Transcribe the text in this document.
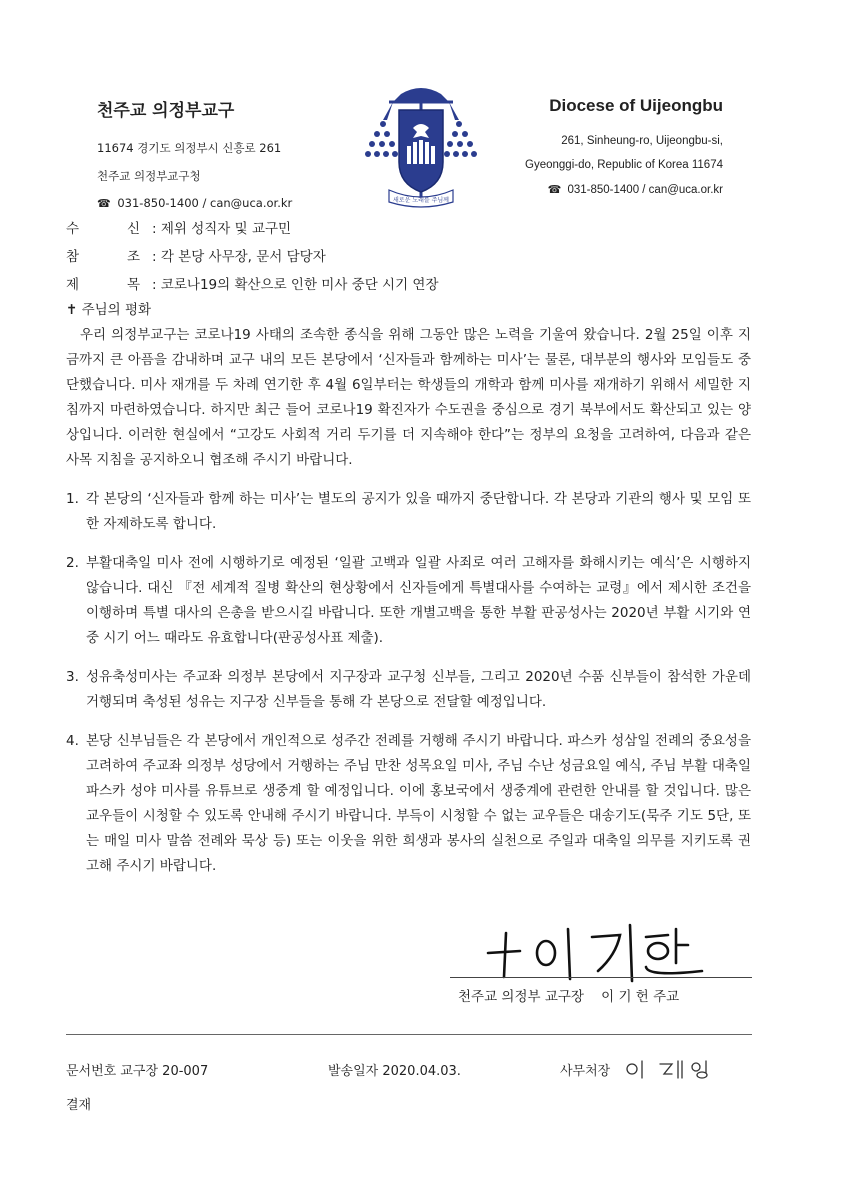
천주교 의정부교구
11674 경기도 의정부시 신흥로 261
천주교 의정부교구청
☎ 031-850-1400 / can@uca.or.kr	새로운 노래를 주님께
Diocese of Uijeongbu
261, Sinheung-ro, Uijeongbu-si,
Gyeonggi-do, Republic of Korea 11674
☎ 031-850-1400 / can@uca.or.kr
수	신 : 제위 성직자 및 교구민
참	조 : 각 본당 사무장, 문서 담당자
제	목 : 코로나19의 확산으로 인한 미사 중단 시기 연장
✝ 주님의 평화
우리 의정부교구는 코로나19 사태의 조속한 종식을 위해 그동안 많은 노력을 기울여 왔습니다. 2월 25일 이후 지금까지 큰 아픔을 감내하며 교구 내의 모든 본당에서 ‘신자들과 함께하는 미사’는 물론, 대부분의 행사와 모임들도 중단했습니다. 미사 재개를 두 차례 연기한 후 4월 6일부터는 학생들의 개학과 함께 미사를 재개하기 위해서 세밀한 지침까지 마련하였습니다. 하지만 최근 들어 코로나19 확진자가 수도권을 중심으로 경기 북부에서도 확산되고 있는 양상입니다. 이러한 현실에서 “고강도 사회적 거리 두기를 더 지속해야 한다”는 정부의 요청을 고려하여, 다음과 같은 사목 지침을 공지하오니 협조해 주시기 바랍니다.
1. 각 본당의 ‘신자들과 함께 하는 미사’는 별도의 공지가 있을 때까지 중단합니다. 각 본당과 기관의 행사 및 모임 또한 자제하도록 합니다.
2. 부활대축일 미사 전에 시행하기로 예정된 ‘일괄 고백과 일괄 사죄로 여러 고해자를 화해시키는 예식’은 시행하지 않습니다. 대신 『전 세계적 질병 확산의 현상황에서 신자들에게 특별대사를 수여하는 교령』에서 제시한 조건을 이행하며 특별 대사의 은총을 받으시길 바랍니다. 또한 개별고백을 통한 부활 판공성사는 2020년 부활 시기와 연중 시기 어느 때라도 유효합니다(판공성사표 제출).
3. 성유축성미사는 주교좌 의정부 본당에서 지구장과 교구청 신부들, 그리고 2020년 수품 신부들이 참석한 가운데 거행되며 축성된 성유는 지구장 신부들을 통해 각 본당으로 전달할 예정입니다.
4. 본당 신부님들은 각 본당에서 개인적으로 성주간 전례를 거행해 주시기 바랍니다. 파스카 성삼일 전례의 중요성을 고려하여 주교좌 의정부 성당에서 거행하는 주님 만찬 성목요일 미사, 주님 수난 성금요일 예식, 주님 부활 대축일 파스카 성야 미사를 유튜브로 생중계 할 예정입니다. 이에 홍보국에서 생중계에 관련한 안내를 할 것입니다. 많은 교우들이 시청할 수 있도록 안내해 주시기 바랍니다. 부득이 시청할 수 없는 교우들은 대송기도(묵주 기도 5단, 또는 매일 미사 말씀 전례와 묵상 등) 또는 이웃을 위한 희생과 봉사의 실천으로 주일과 대축일 의무를 지키도록 권고해 주시기 바랍니다.
천주교 의정부 교구장    이 기 헌 주교
문서번호 교구장 20-007	발송일자 2020.04.03.	사무처장
결재
